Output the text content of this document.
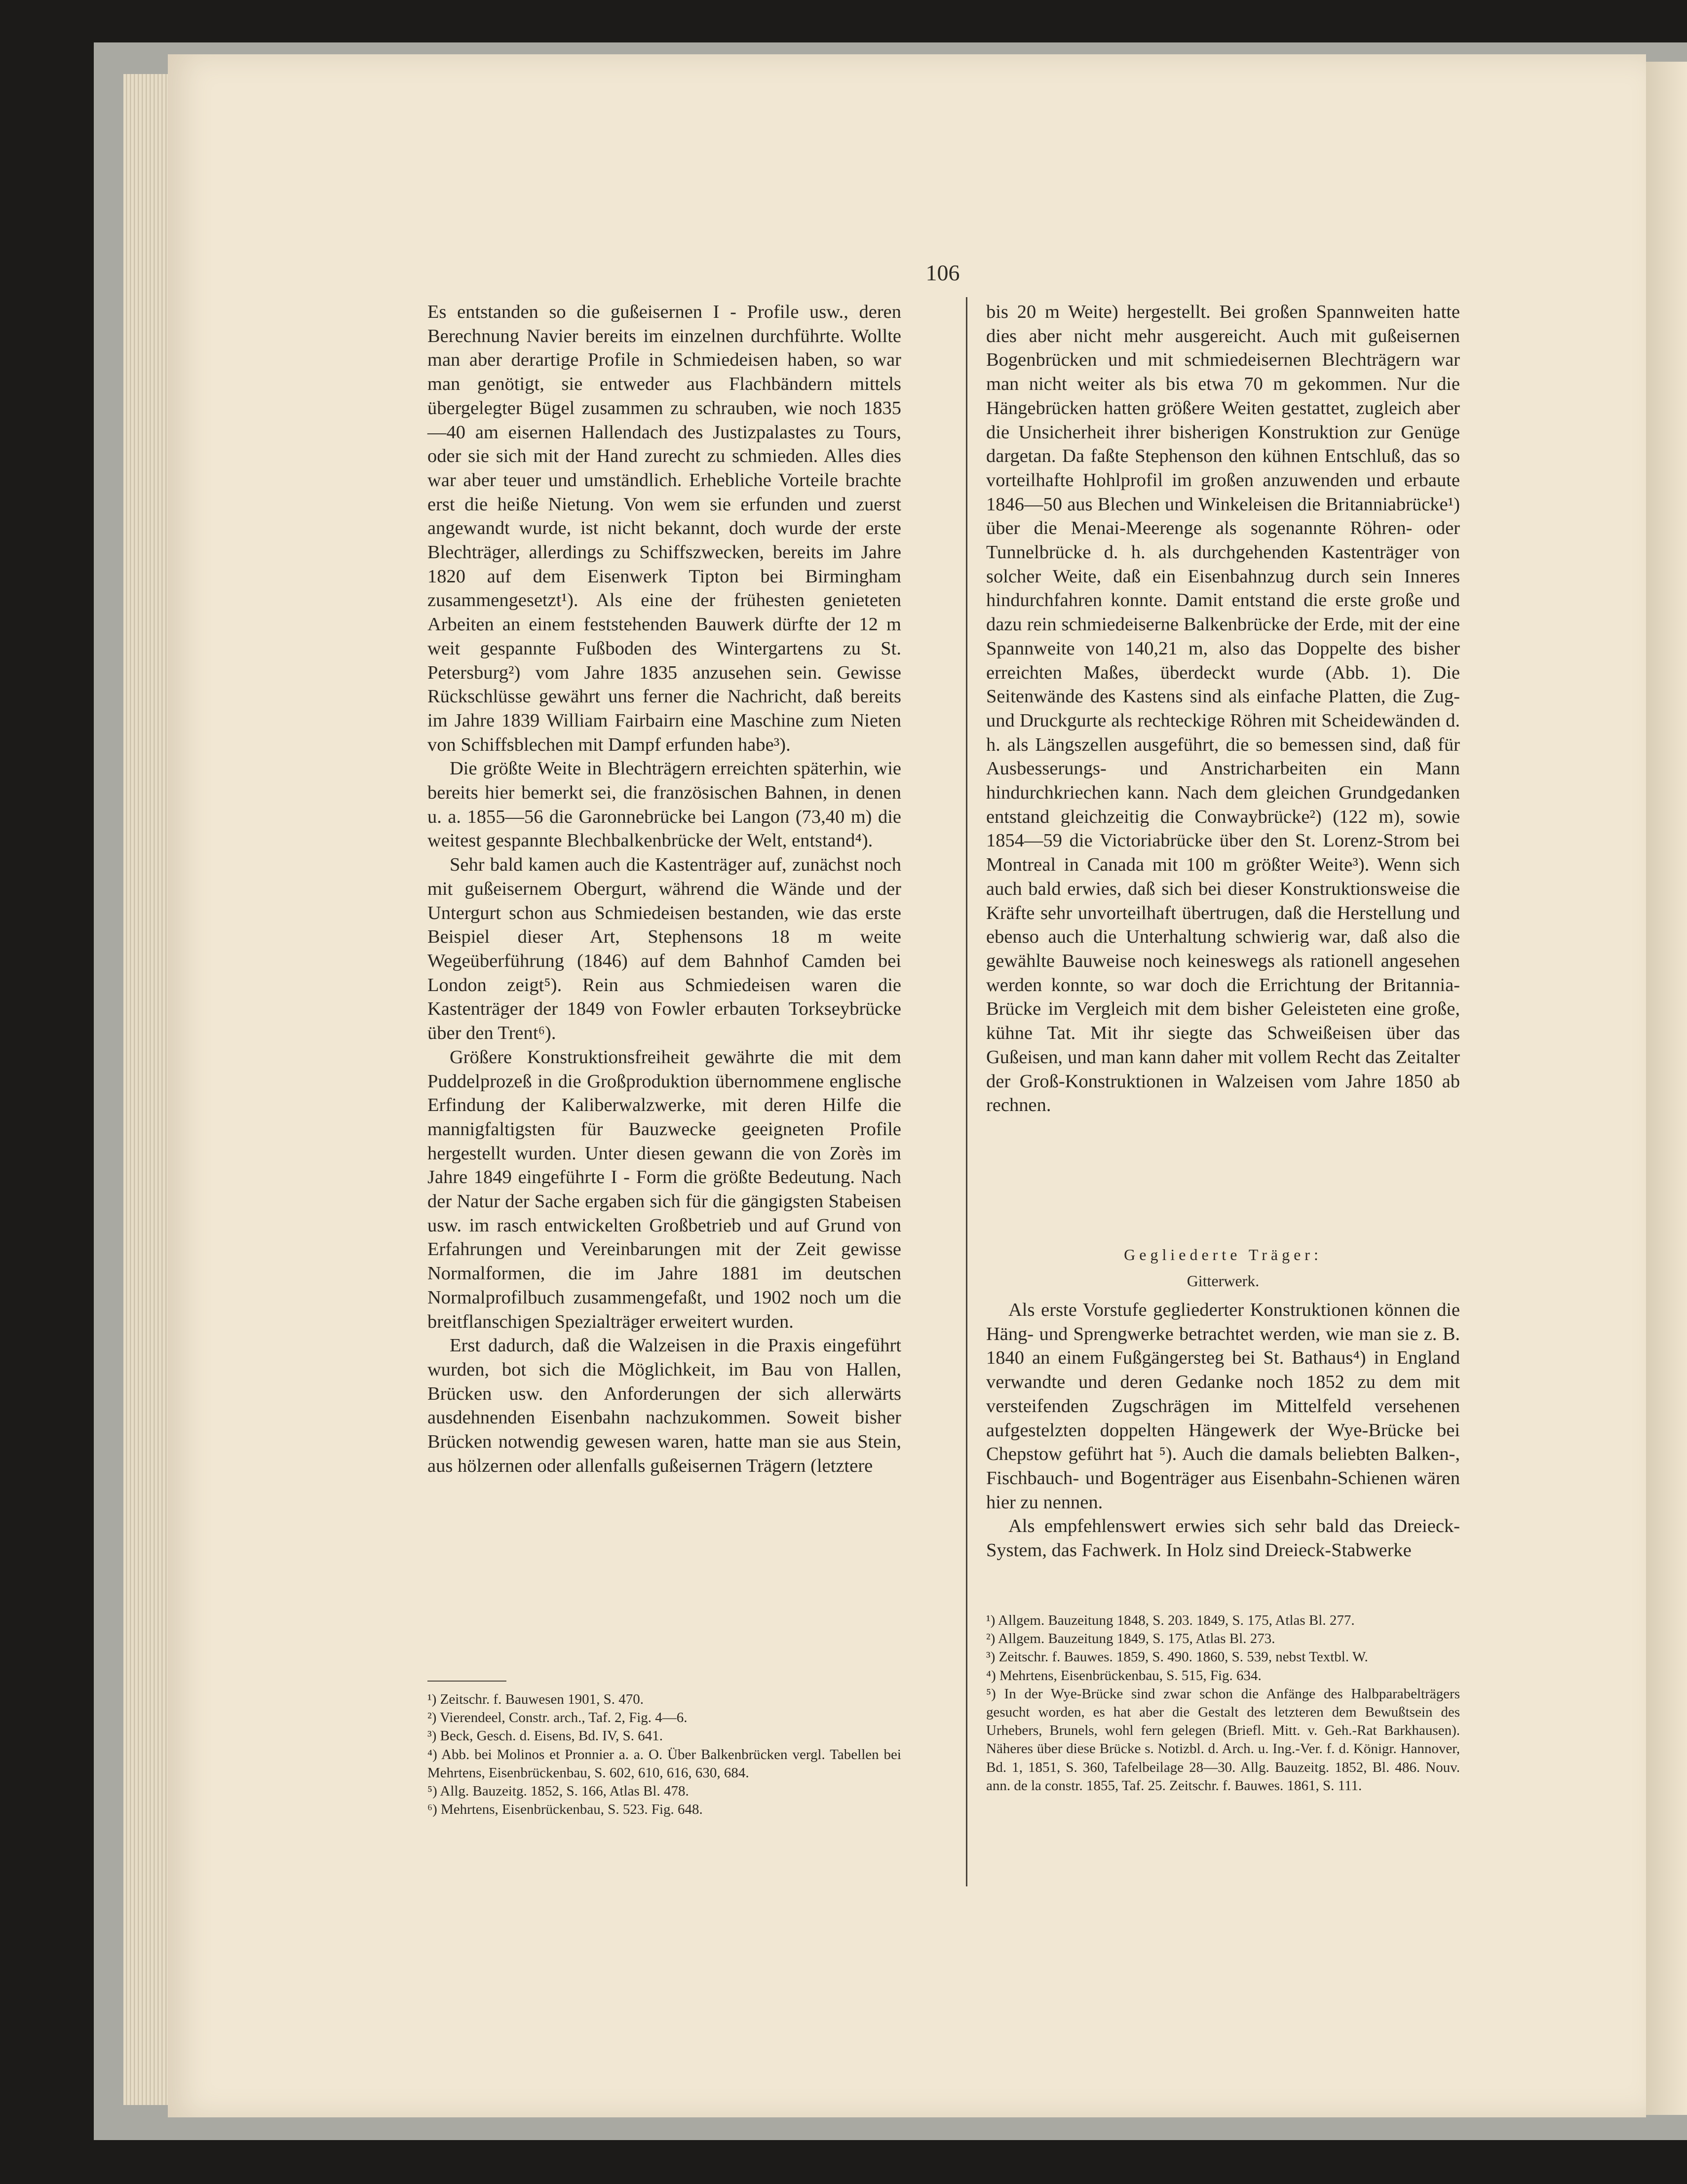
106

Es entstanden so die gußeisernen I - Profile usw., deren Berechnung Navier bereits im einzelnen durchführte. Wollte man aber derartige Profile in Schmiedeisen haben, so war man genötigt, sie entweder aus Flachbändern mittels übergelegter Bügel zusammen zu schrauben, wie noch 1835—40 am eisernen Hallendach des Justizpalastes zu Tours, oder sie sich mit der Hand zurecht zu schmieden. Alles dies war aber teuer und umständlich. Erhebliche Vorteile brachte erst die heiße Nietung. Von wem sie erfunden und zuerst angewandt wurde, ist nicht bekannt, doch wurde der erste Blechträger, allerdings zu Schiffszwecken, bereits im Jahre 1820 auf dem Eisenwerk Tipton bei Birmingham zusammengesetzt¹). Als eine der frühesten genieteten Arbeiten an einem feststehenden Bauwerk dürfte der 12 m weit gespannte Fußboden des Wintergartens zu St. Petersburg²) vom Jahre 1835 anzusehen sein. Gewisse Rückschlüsse gewährt uns ferner die Nachricht, daß bereits im Jahre 1839 William Fairbairn eine Maschine zum Nieten von Schiffsblechen mit Dampf erfunden habe³).

Die größte Weite in Blechträgern erreichten späterhin, wie bereits hier bemerkt sei, die französischen Bahnen, in denen u. a. 1855—56 die Garonnebrücke bei Langon (73,40 m) die weitest gespannte Blechbalkenbrücke der Welt, entstand⁴).

Sehr bald kamen auch die Kastenträger auf, zunächst noch mit gußeisernem Obergurt, während die Wände und der Untergurt schon aus Schmiedeisen bestanden, wie das erste Beispiel dieser Art, Stephensons 18 m weite Wegeüberführung (1846) auf dem Bahnhof Camden bei London zeigt⁵). Rein aus Schmiedeisen waren die Kastenträger der 1849 von Fowler erbauten Torkseybrücke über den Trent⁶).

Größere Konstruktionsfreiheit gewährte die mit dem Puddelprozeß in die Großproduktion übernommene englische Erfindung der Kaliberwalzwerke, mit deren Hilfe die mannigfaltigsten für Bauzwecke geeigneten Profile hergestellt wurden. Unter diesen gewann die von Zorès im Jahre 1849 eingeführte I - Form die größte Bedeutung. Nach der Natur der Sache ergaben sich für die gängigsten Stabeisen usw. im rasch entwickelten Großbetrieb und auf Grund von Erfahrungen und Vereinbarungen mit der Zeit gewisse Normalformen, die im Jahre 1881 im deutschen Normalprofilbuch zusammengefaßt, und 1902 noch um die breitflanschigen Spezialträger erweitert wurden.

Erst dadurch, daß die Walzeisen in die Praxis eingeführt wurden, bot sich die Möglichkeit, im Bau von Hallen, Brücken usw. den Anforderungen der sich allerwärts ausdehnenden Eisenbahn nachzukommen. Soweit bisher Brücken notwendig gewesen waren, hatte man sie aus Stein, aus hölzernen oder allenfalls gußeisernen Trägern (letztere

bis 20 m Weite) hergestellt. Bei großen Spannweiten hatte dies aber nicht mehr ausgereicht. Auch mit gußeisernen Bogenbrücken und mit schmiedeisernen Blechträgern war man nicht weiter als bis etwa 70 m gekommen. Nur die Hängebrücken hatten größere Weiten gestattet, zugleich aber die Unsicherheit ihrer bisherigen Konstruktion zur Genüge dargetan. Da faßte Stephenson den kühnen Entschluß, das so vorteilhafte Hohlprofil im großen anzuwenden und erbaute 1846—50 aus Blechen und Winkeleisen die Britanniabrücke¹) über die Menai-Meerenge als sogenannte Röhren- oder Tunnelbrücke d. h. als durchgehenden Kastenträger von solcher Weite, daß ein Eisenbahnzug durch sein Inneres hindurchfahren konnte. Damit entstand die erste große und dazu rein schmiedeiserne Balkenbrücke der Erde, mit der eine Spannweite von 140,21 m, also das Doppelte des bisher erreichten Maßes, überdeckt wurde (Abb. 1). Die Seitenwände des Kastens sind als einfache Platten, die Zug- und Druckgurte als rechteckige Röhren mit Scheidewänden d. h. als Längszellen ausgeführt, die so bemessen sind, daß für Ausbesserungs- und Anstricharbeiten ein Mann hindurchkriechen kann. Nach dem gleichen Grundgedanken entstand gleichzeitig die Conwaybrücke²) (122 m), sowie 1854—59 die Victoriabrücke über den St. Lorenz-Strom bei Montreal in Canada mit 100 m größter Weite³). Wenn sich auch bald erwies, daß sich bei dieser Konstruktionsweise die Kräfte sehr unvorteilhaft übertrugen, daß die Herstellung und ebenso auch die Unterhaltung schwierig war, daß also die gewählte Bauweise noch keineswegs als rationell angesehen werden konnte, so war doch die Errichtung der Britannia-Brücke im Vergleich mit dem bisher Geleisteten eine große, kühne Tat. Mit ihr siegte das Schweißeisen über das Gußeisen, und man kann daher mit vollem Recht das Zeitalter der Groß-Konstruktionen in Walzeisen vom Jahre 1850 ab rechnen.

Gegliederte Träger:
Gitterwerk.

Als erste Vorstufe gegliederter Konstruktionen können die Häng- und Sprengwerke betrachtet werden, wie man sie z. B. 1840 an einem Fußgängersteg bei St. Bathaus⁴) in England verwandte und deren Gedanke noch 1852 zu dem mit versteifenden Zugschrägen im Mittelfeld versehenen aufgestelzten doppelten Hängewerk der Wye-Brücke bei Chepstow geführt hat ⁵). Auch die damals beliebten Balken-, Fischbauch- und Bogenträger aus Eisenbahn-Schienen wären hier zu nennen.

Als empfehlenswert erwies sich sehr bald das Dreieck-System, das Fachwerk. In Holz sind Dreieck-Stabwerke

¹) Zeitschr. f. Bauwesen 1901, S. 470.

²) Vierendeel, Constr. arch., Taf. 2, Fig. 4—6.

³) Beck, Gesch. d. Eisens, Bd. IV, S. 641.

⁴) Abb. bei Molinos et Pronnier a. a. O. Über Balkenbrücken vergl. Tabellen bei Mehrtens, Eisenbrückenbau, S. 602, 610, 616, 630, 684.

⁵) Allg. Bauzeitg. 1852, S. 166, Atlas Bl. 478.

⁶) Mehrtens, Eisenbrückenbau, S. 523. Fig. 648.

¹) Allgem. Bauzeitung 1848, S. 203. 1849, S. 175, Atlas Bl. 277.

²) Allgem. Bauzeitung 1849, S. 175, Atlas Bl. 273.

³) Zeitschr. f. Bauwes. 1859, S. 490. 1860, S. 539, nebst Textbl. W.

⁴) Mehrtens, Eisenbrückenbau, S. 515, Fig. 634.

⁵) In der Wye-Brücke sind zwar schon die Anfänge des Halbparabelträgers gesucht worden, es hat aber die Gestalt des letzteren dem Bewußtsein des Urhebers, Brunels, wohl fern gelegen (Briefl. Mitt. v. Geh.-Rat Barkhausen). Näheres über diese Brücke s. Notizbl. d. Arch. u. Ing.-Ver. f. d. Königr. Hannover, Bd. 1, 1851, S. 360, Tafelbeilage 28—30. Allg. Bauzeitg. 1852, Bl. 486. Nouv. ann. de la constr. 1855, Taf. 25. Zeitschr. f. Bauwes. 1861, S. 111.
